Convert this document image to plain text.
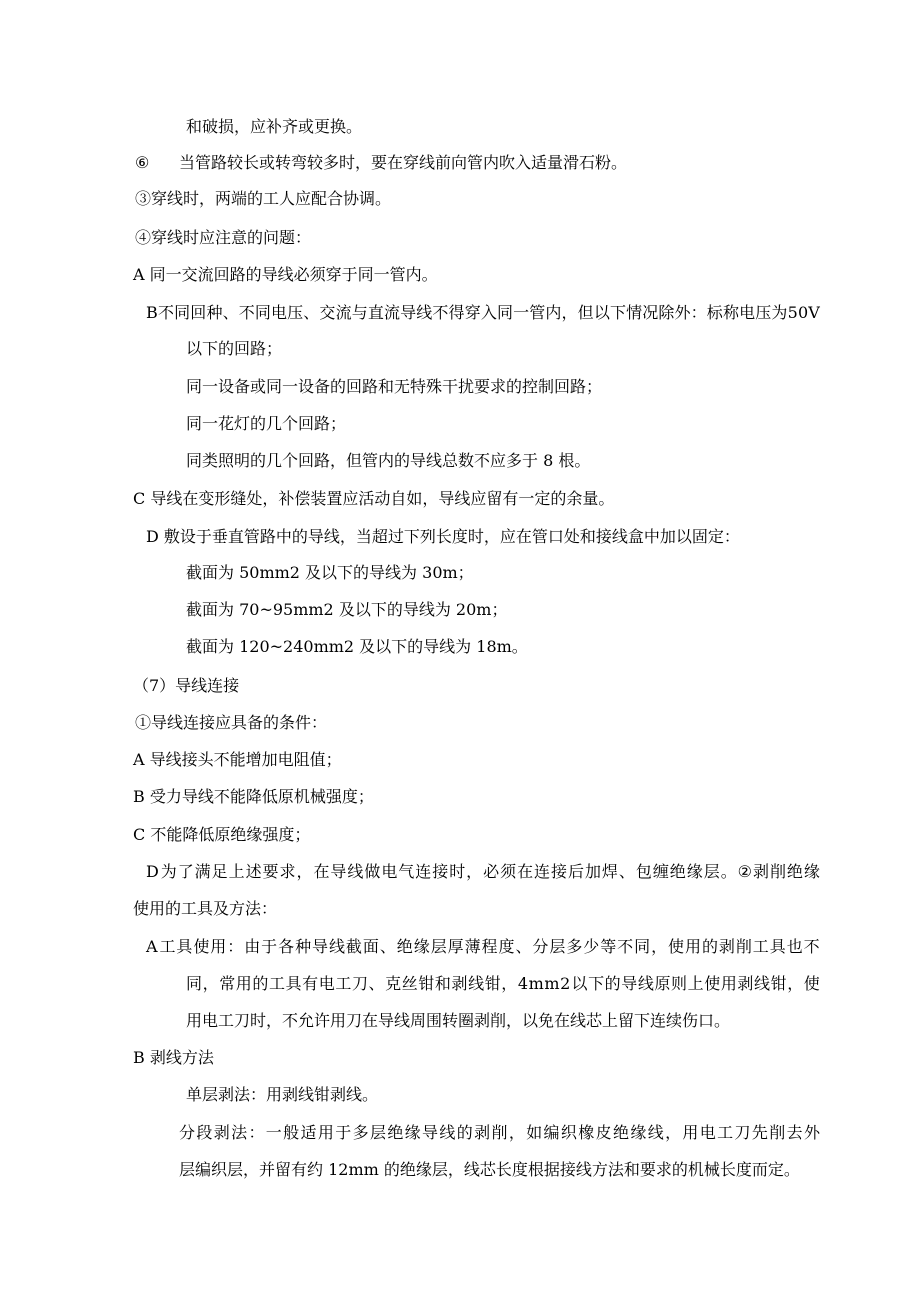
和破损，应补齐或更换。
⑥ 当管路较长或转弯较多时，要在穿线前向管内吹入适量滑石粉。
③穿线时，两端的工人应配合协调。
④穿线时应注意的问题：
A 同一交流回路的导线必须穿于同一管内。
B 不 同 回 种 、 不 同 电 压 、 交 流 与 直 流 导 线 不 得 穿 入 同 一 管 内 ， 但 以 下 情 况 除 外 ： 标 称 电 压 为 5 0 V
以下的回路；
同一设备或同一设备的回路和无特殊干扰要求的控制回路；
同一花灯的几个回路；
同类照明的几个回路，但管内的导线总数不应多于 8 根。
C 导线在变形缝处，补偿装置应活动自如，导线应留有一定的余量。
D 敷设于垂直管路中的导线，当超过下列长度时，应在管口处和接线盒中加以固定：
截面为 50mm2 及以下的导线为 30m；
截面为 70~95mm2 及以下的导线为 20m；
截面为 120~240mm2 及以下的导线为 18m。
（7）导线连接
①导线连接应具备的条件：
A 导线接头不能增加电阻值；
B 受力导线不能降低原机械强度；
C 不能降低原绝缘强度；
D 为 了 满 足 上 述 要 求 ， 在 导 线 做 电 气 连 接 时 ， 必 须 在 连 接 后 加 焊 、 包 缠 绝 缘 层 。 ② 剥 削 绝 缘
使用的工具及方法：
A 工 具 使 用 ： 由 于 各 种 导 线 截 面 、 绝 缘 层 厚 薄 程 度 、 分 层 多 少 等 不 同 ， 使 用 的 剥 削 工 具 也 不
同 ， 常 用 的 工 具 有 电 工 刀 、 克 丝 钳 和 剥 线 钳 ， 4 m m 2 以 下 的 导 线 原 则 上 使 用 剥 线 钳 ， 使
用电工刀时，不允许用刀在导线周围转圈剥削，以免在线芯上留下连续伤口。
B 剥线方法
单层剥法：用剥线钳剥线。
分 段 剥 法 ： 一 般 适 用 于 多 层 绝 缘 导 线 的 剥 削 ， 如 编 织 橡 皮 绝 缘 线 ， 用 电 工 刀 先 削 去 外
层编织层，并留有约 12mm 的绝缘层，线芯长度根据接线方法和要求的机械长度而定。
